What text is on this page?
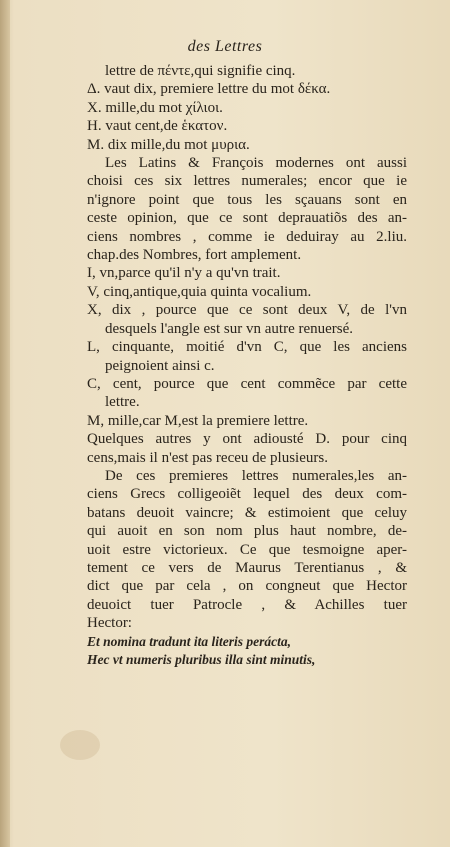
des Lettres
lettre de πέντε,qui signifie cinq.
Δ. vaut dix, premiere lettre du mot δέκα.
X. mille,du mot χίλιοι.
H. vaut cent,de ἑκατον.
M. dix mille,du mot μυρια.
Les Latins & François modernes ont aussi
choisi ces six lettres numerales; encor que ie
n'ignore point que tous les sçauans sont en
ceste opinion, que ce sont deprauatiõs des an-
ciens nombres , comme ie deduiray au 2.liu.
chap.des Nombres, fort amplement.
I, vn,parce qu'il n'y a qu'vn trait.
V, cinq,antique,quia quinta vocalium.
X, dix , pource que ce sont deux V, de l'vn
desquels l'angle est sur vn autre renuersé.
L, cinquante, moitié d'vn C, que les anciens
peignoient ainsi c.
C, cent, pource que cent commẽce par cette
lettre.
M, mille,car M,est la premiere lettre.
Quelques autres y ont adiousté D. pour cinq
cens,mais il n'est pas receu de plusieurs.
De ces premieres lettres numerales,les an-
ciens Grecs colligeoiẽt lequel des deux com-
batans deuoit vaincre; & estimoient que celuy
qui auoit en son nom plus haut nombre, de-
uoit estre victorieux. Ce que tesmoigne aper-
tement ce vers de Maurus Terentianus , &
dict que par cela , on congneut que Hector
deuoict tuer Patrocle , & Achilles tuer
Hector:
Et nomina tradunt ita literis perácta,
Hec vt numeris pluribus illa sint minutis,
